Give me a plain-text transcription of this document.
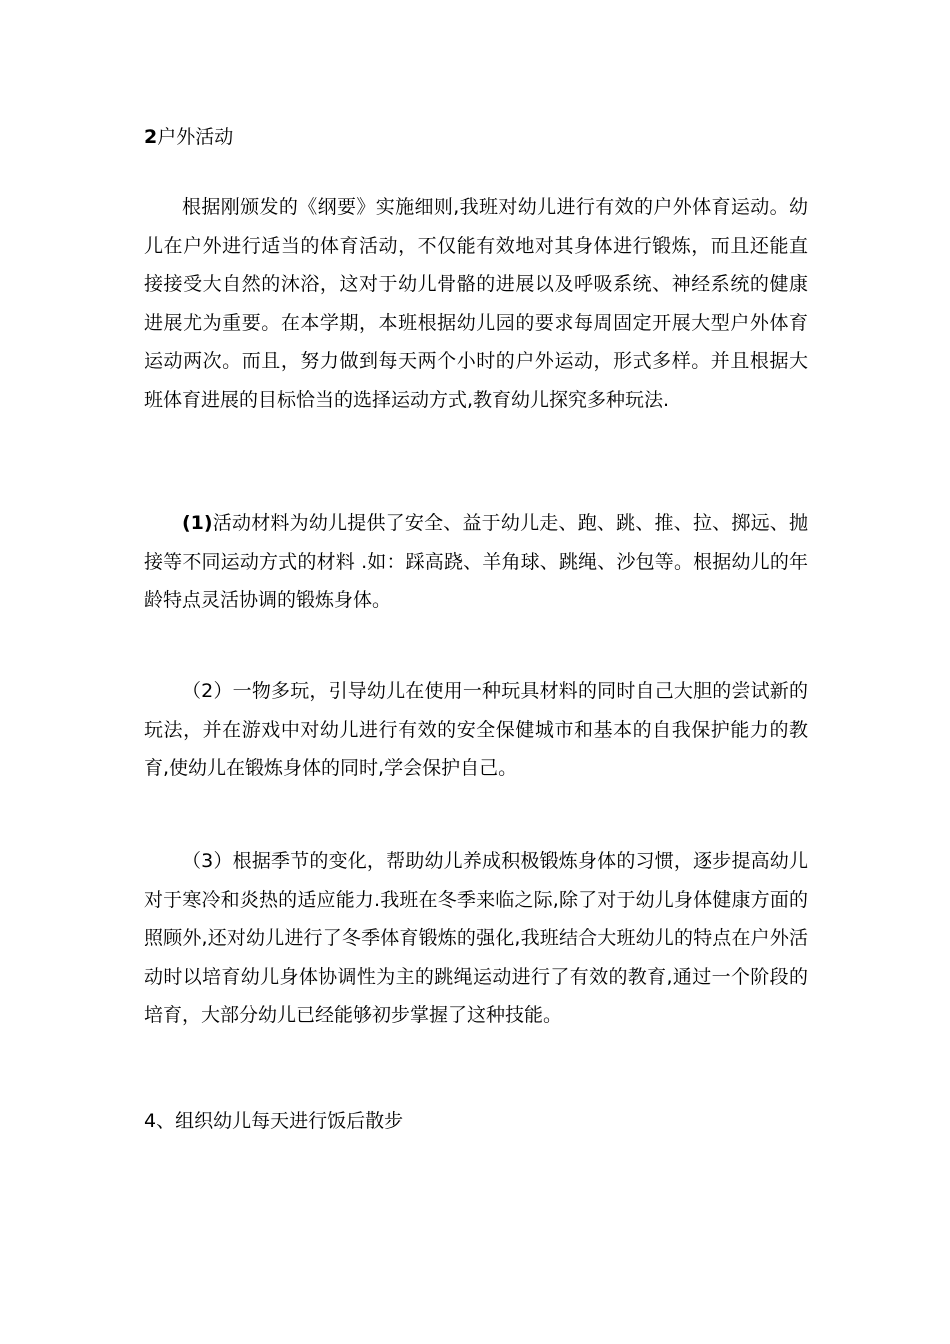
2户外活动

根据刚颁发的《纲要》实施细则,我班对幼儿进行有效的户外体育运动。幼儿在户外进行适当的体育活动，不仅能有效地对其身体进行锻炼，而且还能直接接受大自然的沐浴，这对于幼儿骨骼的进展以及呼吸系统、神经系统的健康进展尤为重要。在本学期，本班根据幼儿园的要求每周固定开展大型户外体育运动两次。而且，努力做到每天两个小时的户外运动，形式多样。并且根据大班体育进展的目标恰当的选择运动方式,教育幼儿探究多种玩法.

(1)活动材料为幼儿提供了安全、益于幼儿走、跑、跳、推、拉、掷远、抛接等不同运动方式的材料 .如：踩高跷、羊角球、跳绳、沙包等。根据幼儿的年龄特点灵活协调的锻炼身体。

（2）一物多玩，引导幼儿在使用一种玩具材料的同时自己大胆的尝试新的玩法，并在游戏中对幼儿进行有效的安全保健城市和基本的自我保护能力的教育,使幼儿在锻炼身体的同时,学会保护自己。

（3）根据季节的变化，帮助幼儿养成积极锻炼身体的习惯，逐步提高幼儿对于寒冷和炎热的适应能力.我班在冬季来临之际,除了对于幼儿身体健康方面的照顾外,还对幼儿进行了冬季体育锻炼的强化,我班结合大班幼儿的特点在户外活动时以培育幼儿身体协调性为主的跳绳运动进行了有效的教育,通过一个阶段的培育，大部分幼儿已经能够初步掌握了这种技能。

4、组织幼儿每天进行饭后散步
